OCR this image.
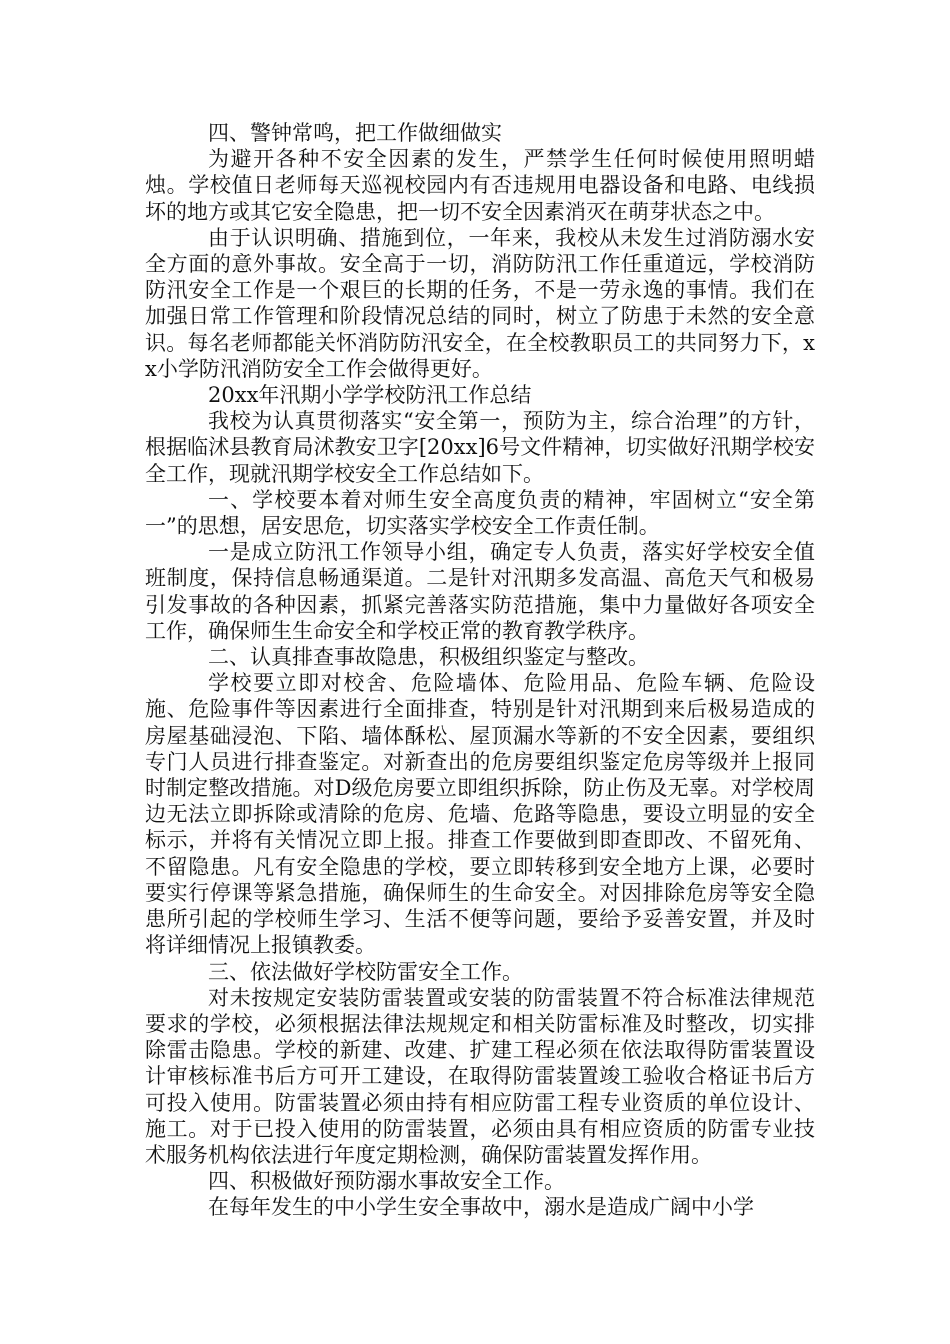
四、警钟常鸣，把工作做细做实

为避开各种不安全因素的发生，严禁学生任何时候使用照明蜡烛。学校值日老师每天巡视校园内有否违规用电器设备和电路、电线损坏的地方或其它安全隐患，把一切不安全因素消灭在萌芽状态之中。

由于认识明确、措施到位，一年来，我校从未发生过消防溺水安全方面的意外事故。安全高于一切，消防防汛工作任重道远，学校消防防汛安全工作是一个艰巨的长期的任务，不是一劳永逸的事情。我们在加强日常工作管理和阶段情况总结的同时，树立了防患于未然的安全意识。每名老师都能关怀消防防汛安全，在全校教职员工的共同努力下，xx小学防汛消防安全工作会做得更好。

20xx年汛期小学学校防汛工作总结

我校为认真贯彻落实“安全第一，预防为主，综合治理”的方针，根据临沭县教育局沭教安卫字[20xx]6号文件精神，切实做好汛期学校安全工作，现就汛期学校安全工作总结如下。

一、学校要本着对师生安全高度负责的精神，牢固树立“安全第一”的思想，居安思危，切实落实学校安全工作责任制。

一是成立防汛工作领导小组，确定专人负责，落实好学校安全值班制度，保持信息畅通渠道。二是针对汛期多发高温、高危天气和极易引发事故的各种因素，抓紧完善落实防范措施，集中力量做好各项安全工作，确保师生生命安全和学校正常的教育教学秩序。

二、认真排查事故隐患，积极组织鉴定与整改。

学校要立即对校舍、危险墙体、危险用品、危险车辆、危险设施、危险事件等因素进行全面排查，特别是针对汛期到来后极易造成的房屋基础浸泡、下陷、墙体酥松、屋顶漏水等新的不安全因素，要组织专门人员进行排查鉴定。对新查出的危房要组织鉴定危房等级并上报同时制定整改措施。对D级危房要立即组织拆除，防止伤及无辜。对学校周边无法立即拆除或清除的危房、危墙、危路等隐患，要设立明显的安全标示，并将有关情况立即上报。排查工作要做到即查即改、不留死角、不留隐患。凡有安全隐患的学校，要立即转移到安全地方上课，必要时要实行停课等紧急措施，确保师生的生命安全。对因排除危房等安全隐患所引起的学校师生学习、生活不便等问题，要给予妥善安置，并及时将详细情况上报镇教委。

三、依法做好学校防雷安全工作。

对未按规定安装防雷装置或安装的防雷装置不符合标准法律规范要求的学校，必须根据法律法规规定和相关防雷标准及时整改，切实排除雷击隐患。学校的新建、改建、扩建工程必须在依法取得防雷装置设计审核标准书后方可开工建设，在取得防雷装置竣工验收合格证书后方可投入使用。防雷装置必须由持有相应防雷工程专业资质的单位设计、施工。对于已投入使用的防雷装置，必须由具有相应资质的防雷专业技术服务机构依法进行年度定期检测，确保防雷装置发挥作用。

四、积极做好预防溺水事故安全工作。

在每年发生的中小学生安全事故中，溺水是造成广阔中小学
